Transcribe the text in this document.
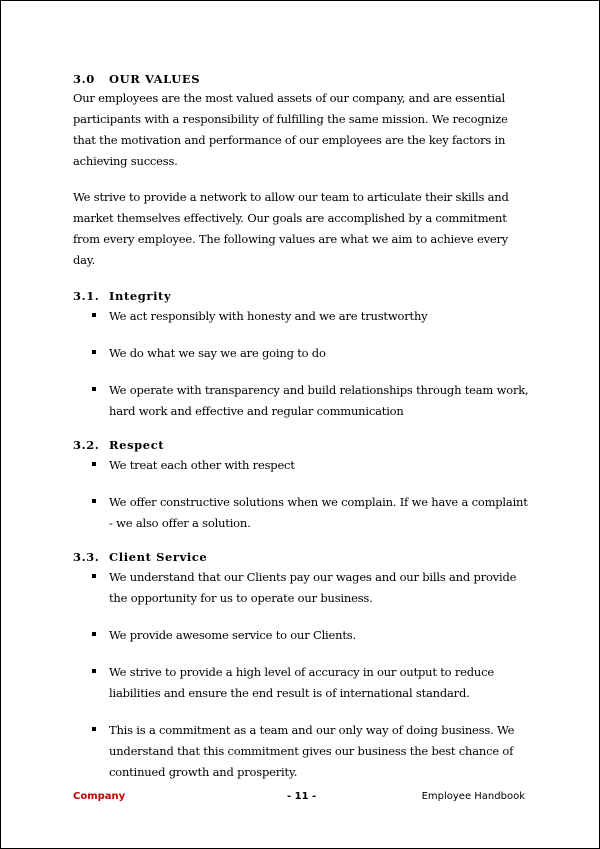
3.0 OUR VALUES

Our employees are the most valued assets of our company, and are essential participants with a responsibility of fulfilling the same mission. We recognize that the motivation and performance of our employees are the key factors in achieving success.

We strive to provide a network to allow our team to articulate their skills and market themselves effectively. Our goals are accomplished by a commitment from every employee. The following values are what we aim to achieve every day.

3.1. Integrity

We act responsibly with honesty and we are trustworthy
We do what we say we are going to do
We operate with transparency and build relationships through team work, hard work and effective and regular communication

3.2. Respect

We treat each other with respect
We offer constructive solutions when we complain. If we have a complaint - we also offer a solution.

3.3. Client Service

We understand that our Clients pay our wages and our bills and provide the opportunity for us to operate our business.
We provide awesome service to our Clients.
We strive to provide a high level of accuracy in our output to reduce liabilities and ensure the end result is of international standard.
This is a commitment as a team and our only way of doing business. We understand that this commitment gives our business the best chance of continued growth and prosperity.
Company	- 11 -	Employee Handbook
